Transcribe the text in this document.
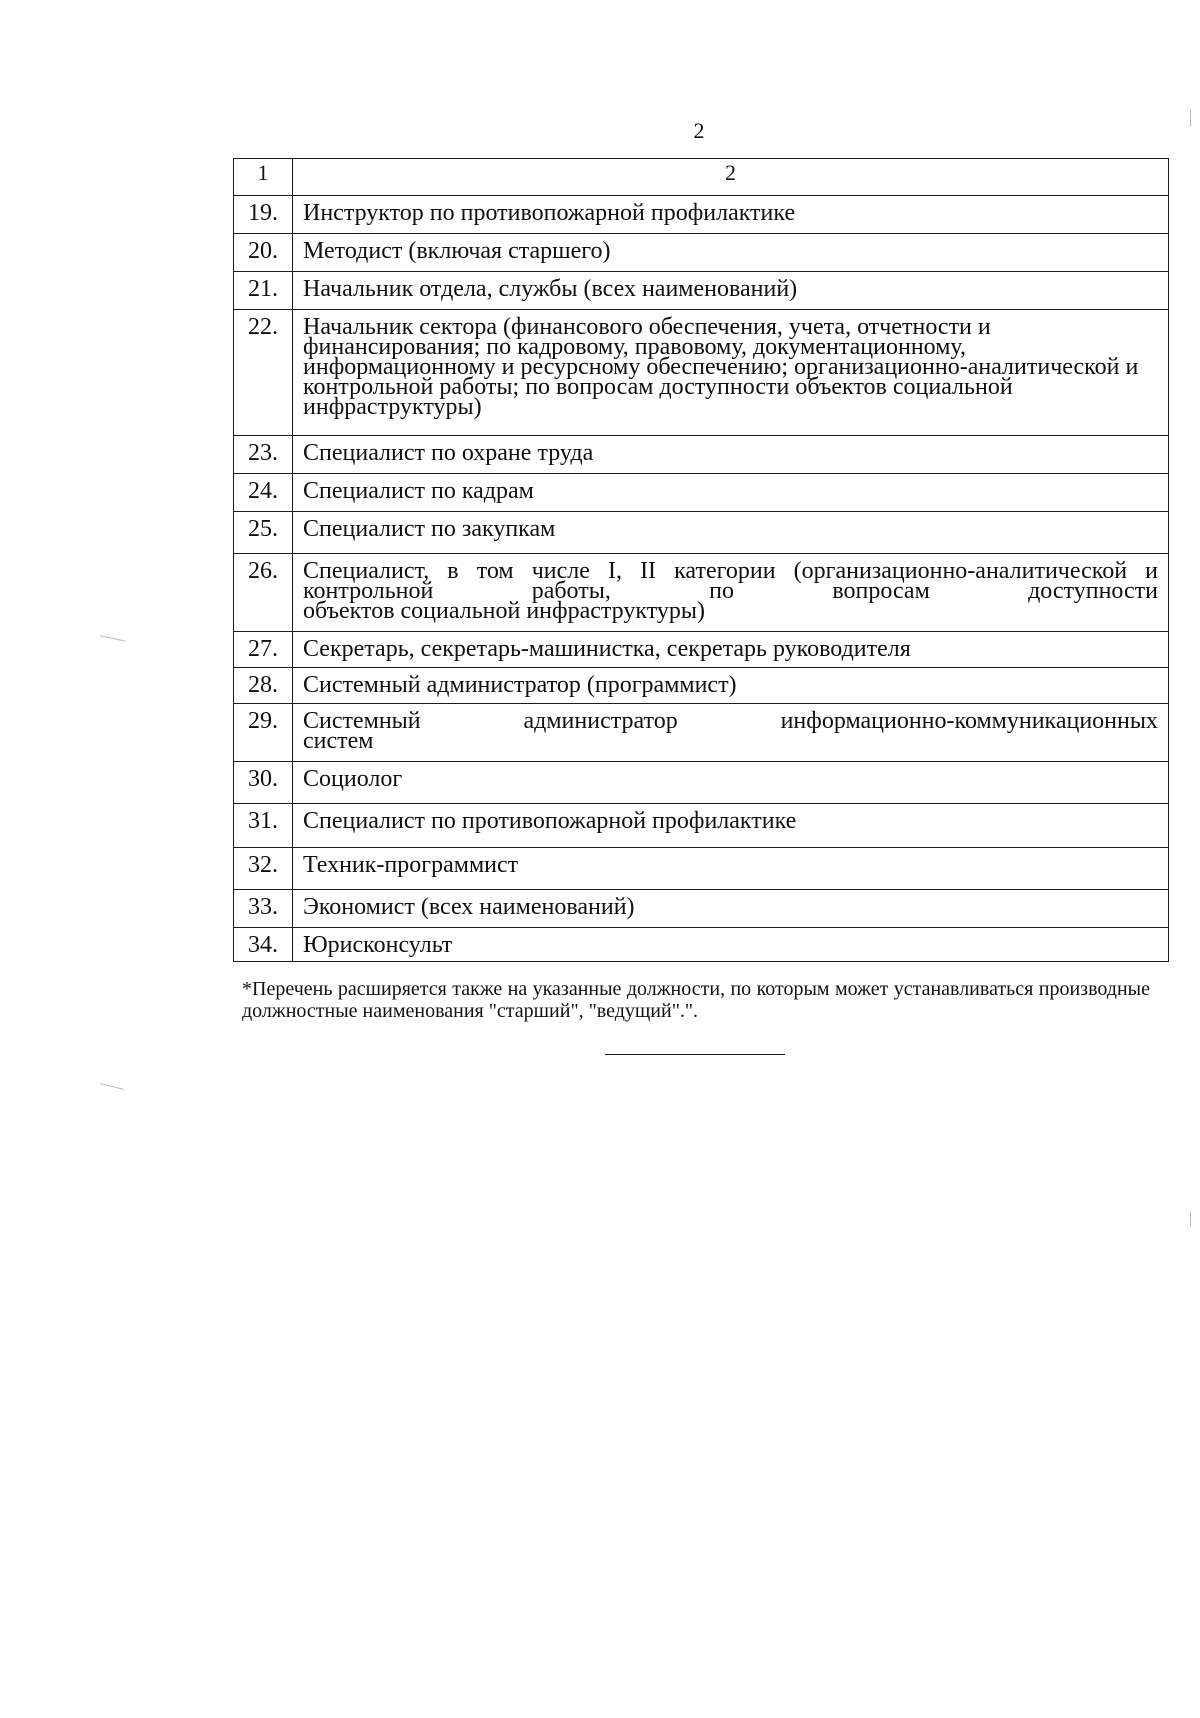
2
1	2
19.	Инструктор по противопожарной профилактике
20.	Методист (включая старшего)
21.	Начальник отдела, службы (всех наименований)
22.	Начальник сектора (финансового обеспечения, учета, отчетности и финансирования; по кадровому, правовому, документационному, информационному и ресурсному обеспечению; организационно-аналитической и контрольной работы; по вопросам доступности объектов социальной инфраструктуры)
23.	Специалист по охране труда
24.	Специалист по кадрам
25.	Специалист по закупкам
26.	Специалист, в том числе I, II категории (организационно-аналитической и контрольной работы, по вопросам доступности
объектов социальной инфраструктуры)

27.	Секретарь, секретарь-машинистка, секретарь руководителя
28.	Системный администратор (программист)
29.	Системный администратор информационно-коммуникационных
систем

30.	Социолог
31.	Специалист по противопожарной профилактике
32.	Техник-программист
33.	Экономист (всех наименований)
34.	Юрисконсульт
*Перечень расширяется также на указанные должности, по которым может устанавливаться производные должностные наименования "старший", "ведущий".".
